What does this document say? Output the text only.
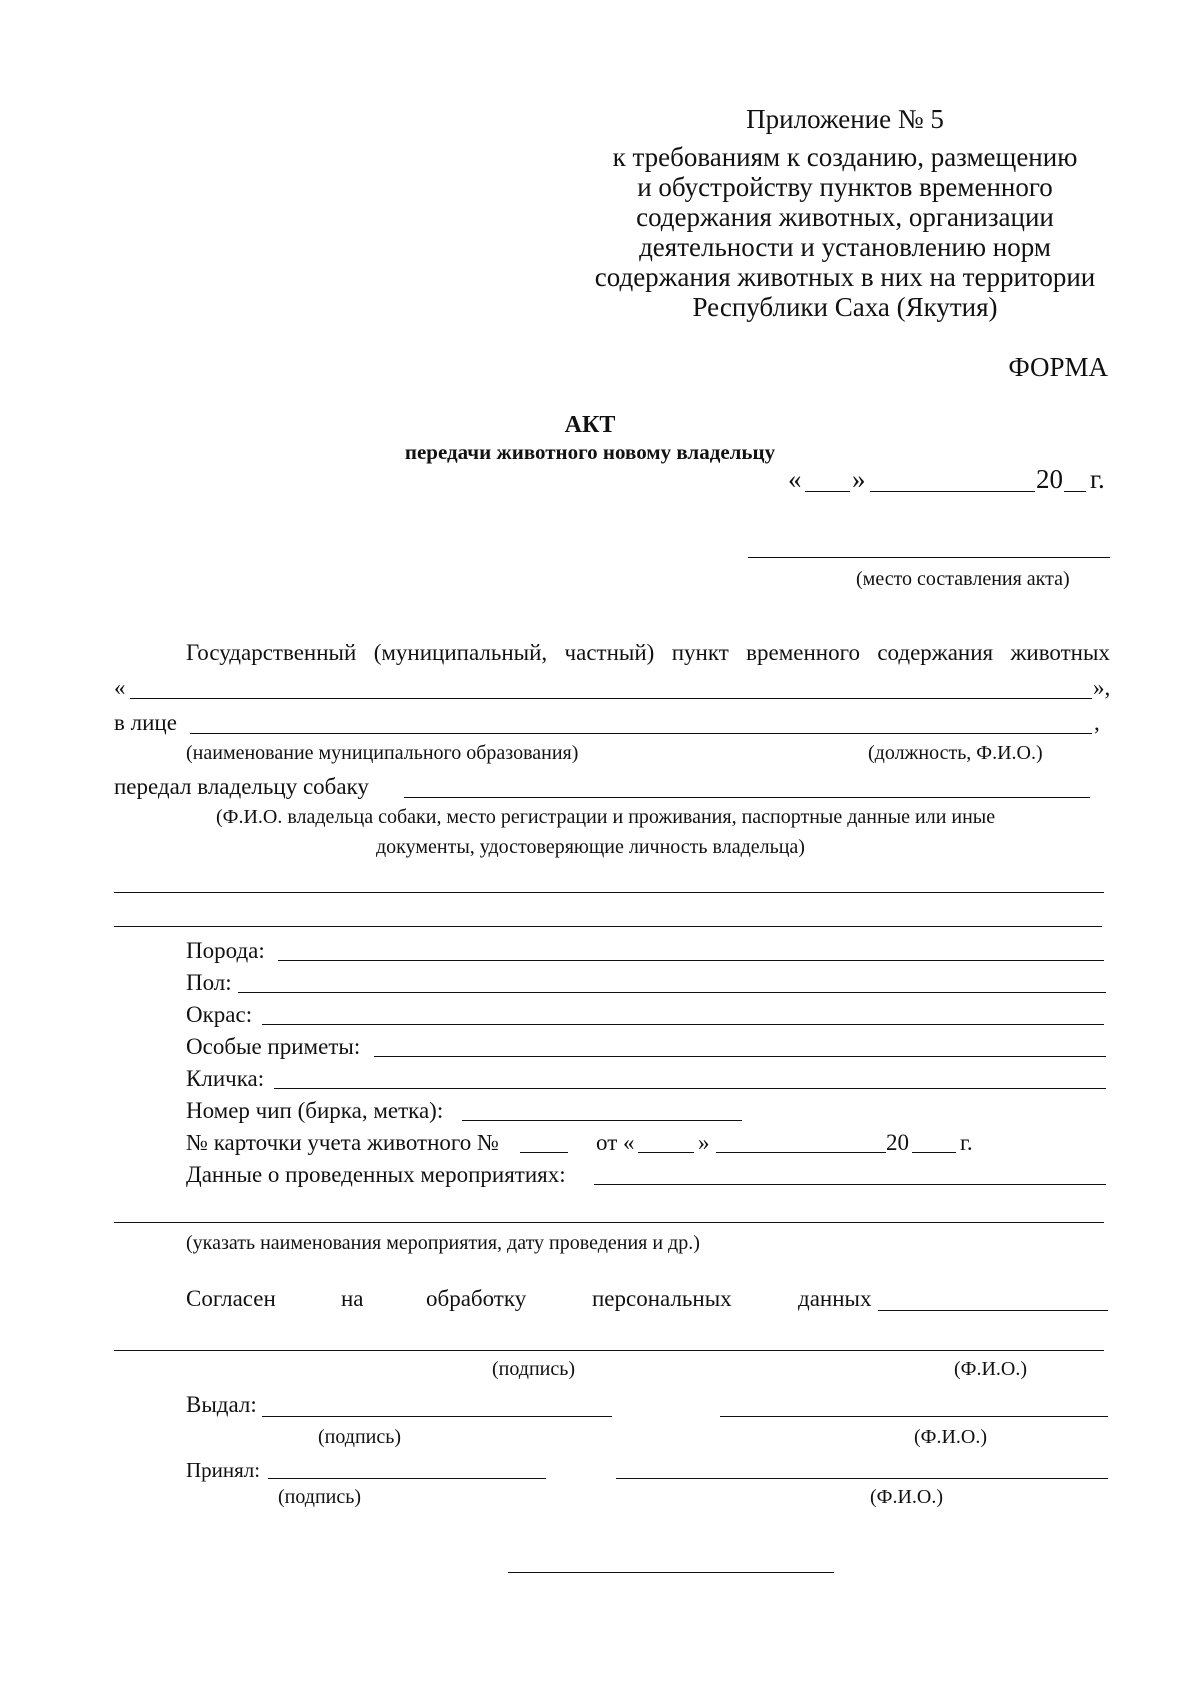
Приложение № 5
к требованиям к созданию, размещению
и обустройству пунктов временного
содержания животных, организации
деятельности и установлению норм
содержания животных в них на территории
Республики Саха (Якутия)
ФОРМА
АКТ
передачи животного новому владельцу
« »	20 г.
(место составления акта)
Государственный (муниципальный, частный) пункт временного содержания животных
«	»,
в лице	,
(наименование муниципального образования)	(должность, Ф.И.О.)
передал владельцу собаку
(Ф.И.О. владельца собаки, место регистрации и проживания, паспортные данные или иные
документы, удостоверяющие личность владельца)
Порода:
Пол:
Окрас:
Особые приметы:
Кличка:
Номер чип (бирка, метка):
№ карточки учета животного №	от «	»	20 г.
Данные о проведенных мероприятиях:
(указать наименования мероприятия, дату проведения и др.)
Согласен	на	обработку	персональных	данных
(подпись)	(Ф.И.О.)
Выдал:
(подпись)	(Ф.И.О.)
Принял:
(подпись)	(Ф.И.О.)
